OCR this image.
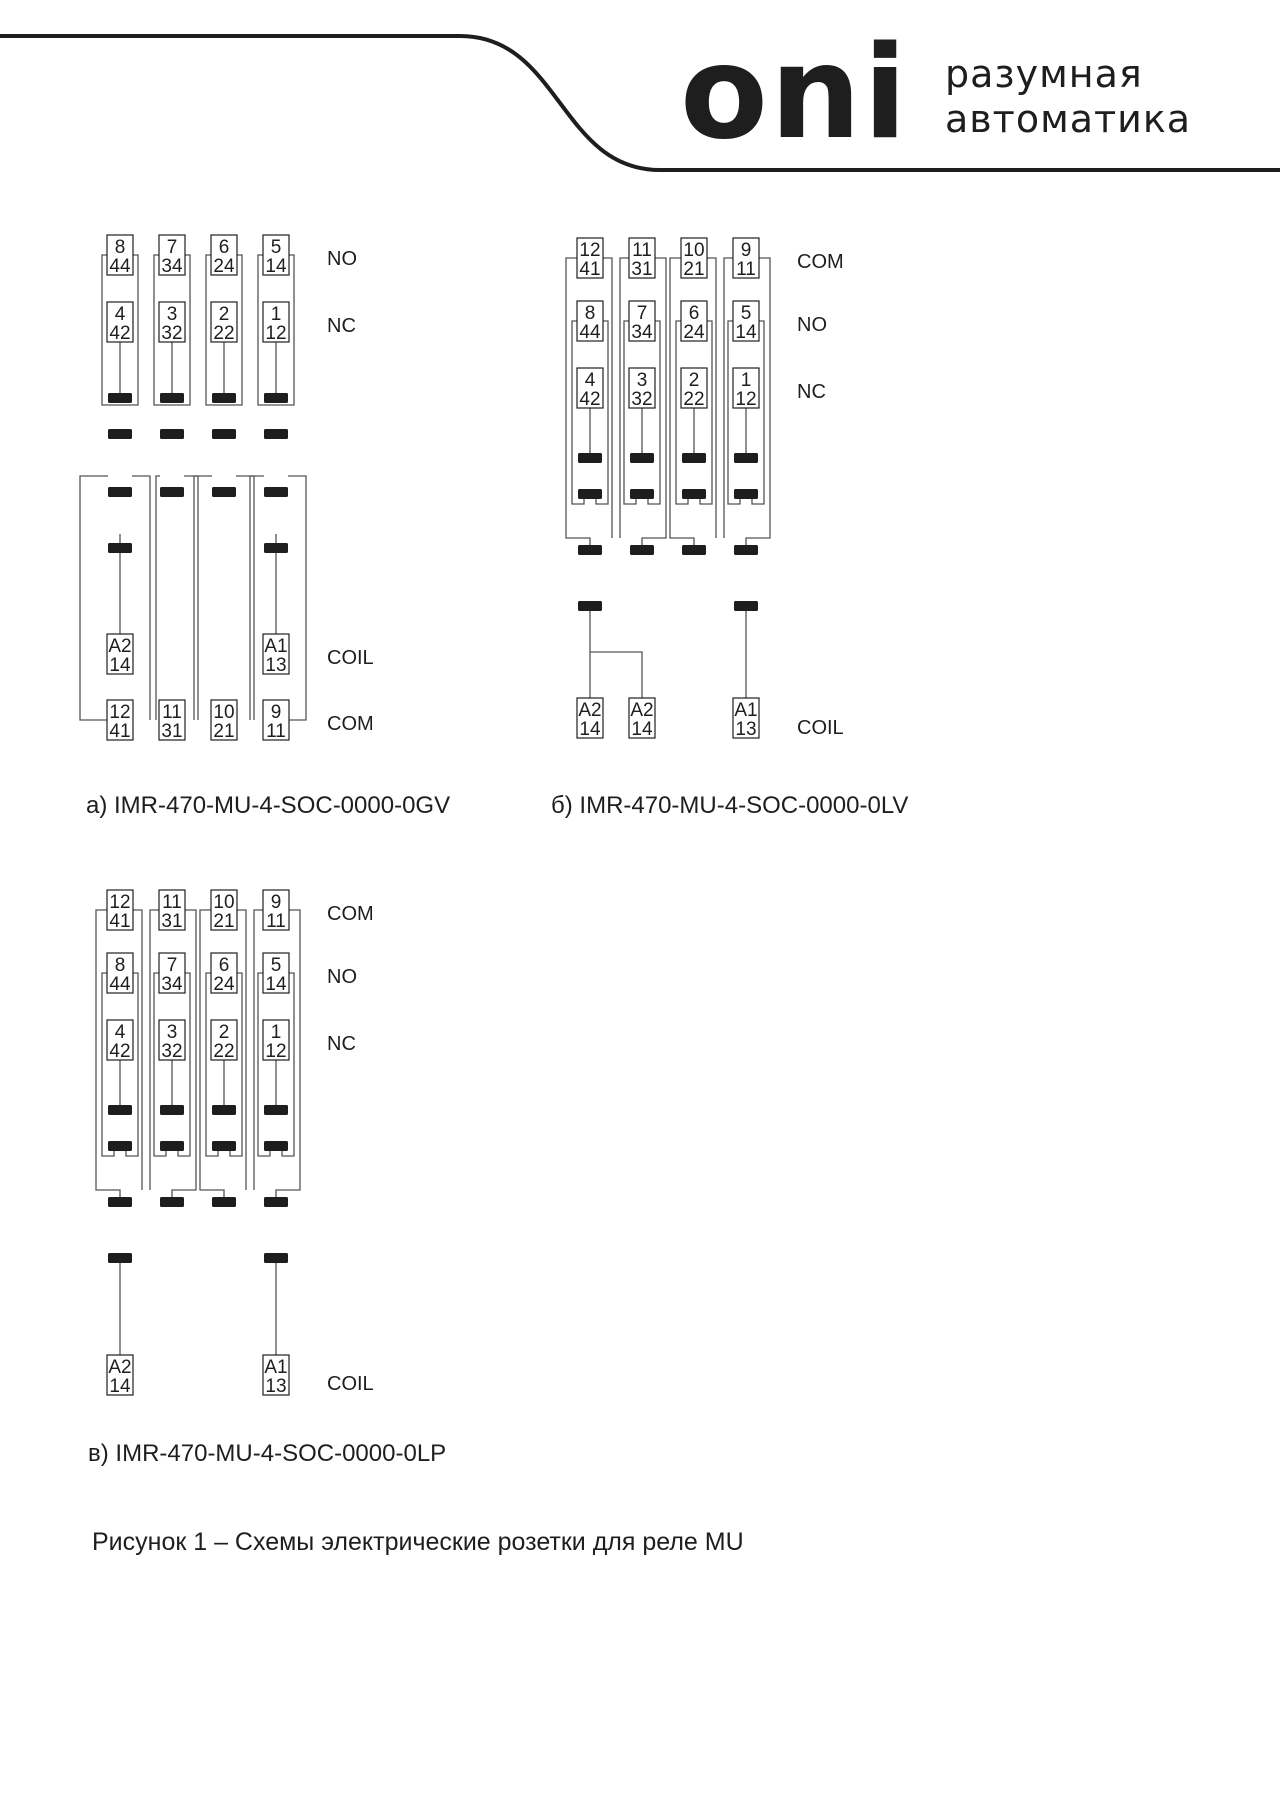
oni разумная
автоматика
8
44
4
42
7
34
3
32
6
24
2
22
5
14
1
12
A2
14
A1
13
12
41
11
31
10
21
9
11
NO
NC
COIL
COM
а) IMR-470-MU-4-SOC-0000-0GV
12
41
8
44
4
42
11
31
7
34
3
32
10
21
6
24
2
22
9
11
5
14
1
12
A2
14
A2
14
A1
13
COM
NO
NC
COIL
б) IMR-470-MU-4-SOC-0000-0LV
12
41
8
44
4
42
11
31
7
34
3
32
10
21
6
24
2
22
9
11
5
14
1
12
A2
14
A1
13
COM
NO
NC
COIL
в) IMR-470-MU-4-SOC-0000-0LP
Рисунок 1 – Схемы электрические розетки для реле MU
